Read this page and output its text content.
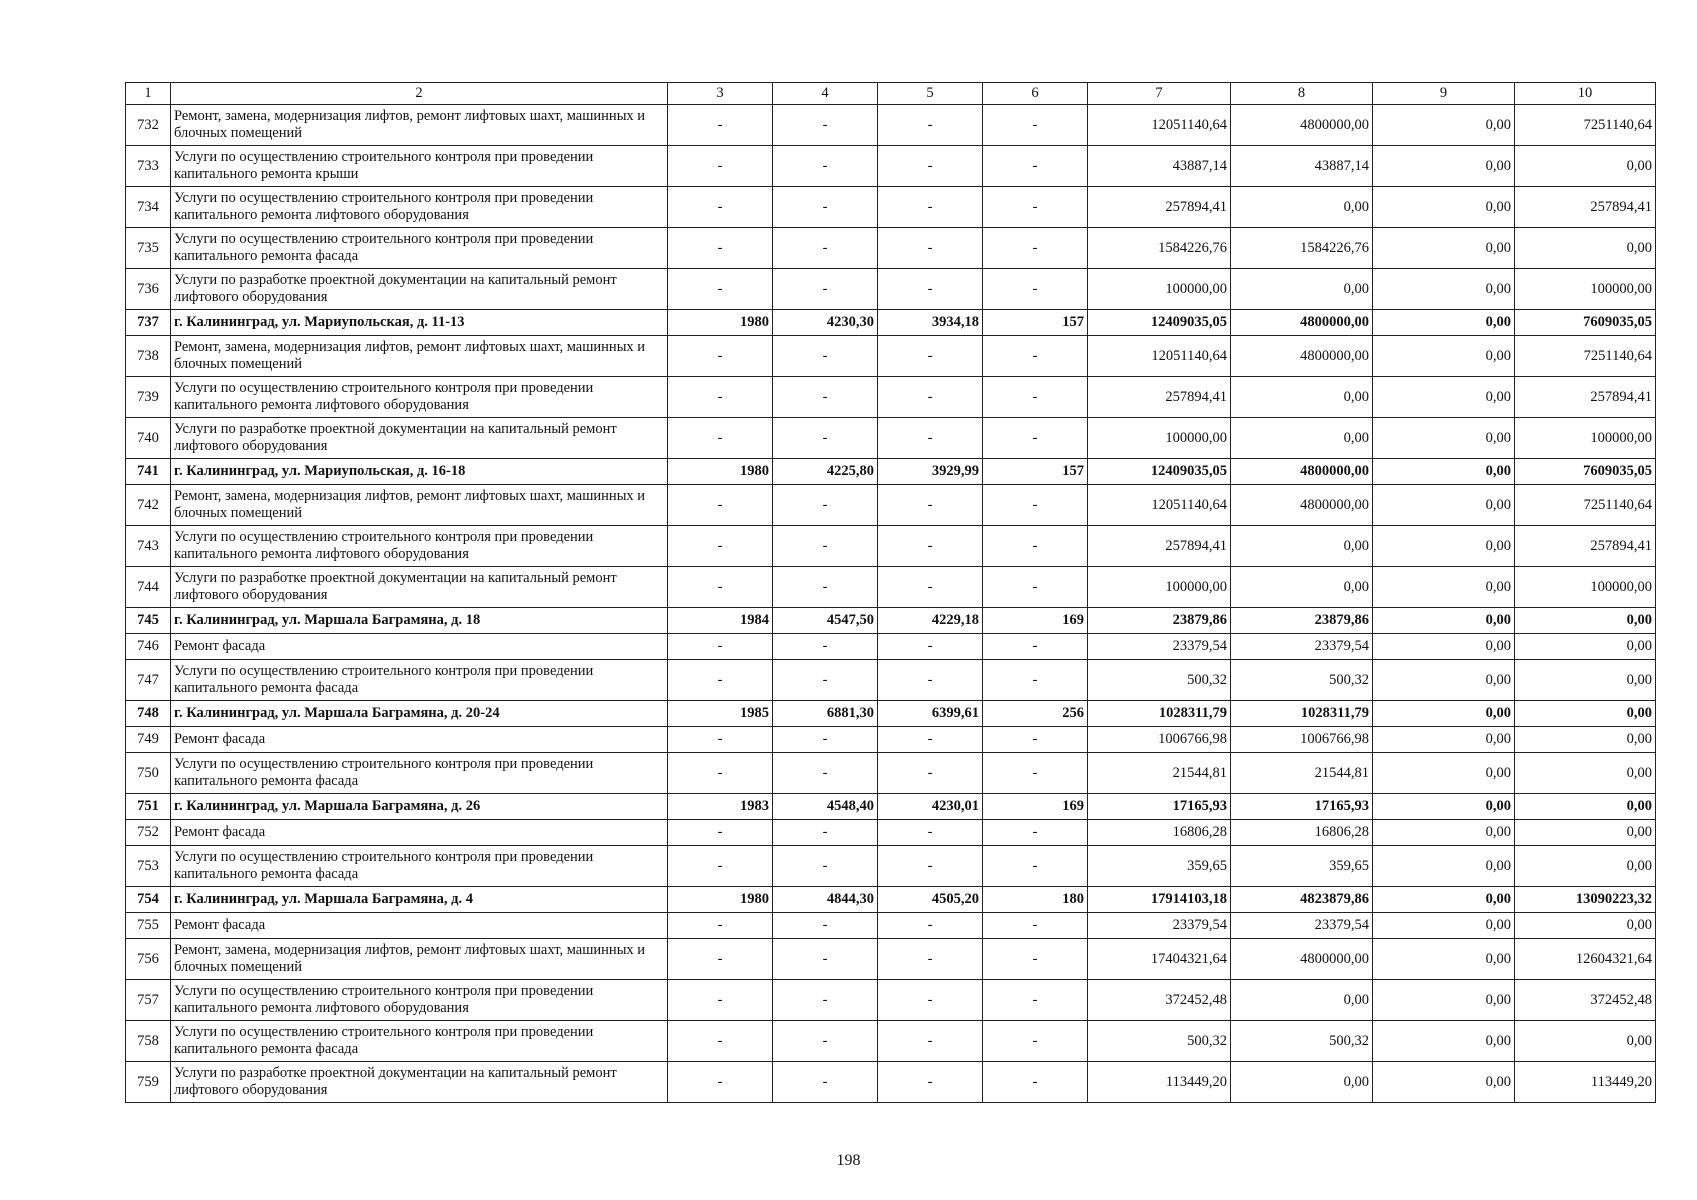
1	2	3	4	5	6	7	8	9	10
732	Ремонт, замена, модернизация лифтов, ремонт лифтовых шахт, машинных и блочных помещений	-	-	-	-	12051140,64	4800000,00	0,00	7251140,64
733	Услуги по осуществлению строительного контроля при проведении капитального ремонта крыши	-	-	-	-	43887,14	43887,14	0,00	0,00
734	Услуги по осуществлению строительного контроля при проведении капитального ремонта лифтового оборудования	-	-	-	-	257894,41	0,00	0,00	257894,41
735	Услуги по осуществлению строительного контроля при проведении капитального ремонта фасада	-	-	-	-	1584226,76	1584226,76	0,00	0,00
736	Услуги по разработке проектной документации на капитальный ремонт лифтового оборудования	-	-	-	-	100000,00	0,00	0,00	100000,00
737	г. Калининград, ул. Мариупольская, д. 11-13	1980	4230,30	3934,18	157	12409035,05	4800000,00	0,00	7609035,05
738	Ремонт, замена, модернизация лифтов, ремонт лифтовых шахт, машинных и блочных помещений	-	-	-	-	12051140,64	4800000,00	0,00	7251140,64
739	Услуги по осуществлению строительного контроля при проведении капитального ремонта лифтового оборудования	-	-	-	-	257894,41	0,00	0,00	257894,41
740	Услуги по разработке проектной документации на капитальный ремонт лифтового оборудования	-	-	-	-	100000,00	0,00	0,00	100000,00
741	г. Калининград, ул. Мариупольская, д. 16-18	1980	4225,80	3929,99	157	12409035,05	4800000,00	0,00	7609035,05
742	Ремонт, замена, модернизация лифтов, ремонт лифтовых шахт, машинных и блочных помещений	-	-	-	-	12051140,64	4800000,00	0,00	7251140,64
743	Услуги по осуществлению строительного контроля при проведении капитального ремонта лифтового оборудования	-	-	-	-	257894,41	0,00	0,00	257894,41
744	Услуги по разработке проектной документации на капитальный ремонт лифтового оборудования	-	-	-	-	100000,00	0,00	0,00	100000,00
745	г. Калининград, ул. Маршала Баграмяна, д. 18	1984	4547,50	4229,18	169	23879,86	23879,86	0,00	0,00
746	Ремонт фасада	-	-	-	-	23379,54	23379,54	0,00	0,00
747	Услуги по осуществлению строительного контроля при проведении капитального ремонта фасада	-	-	-	-	500,32	500,32	0,00	0,00
748	г. Калининград, ул. Маршала Баграмяна, д. 20-24	1985	6881,30	6399,61	256	1028311,79	1028311,79	0,00	0,00
749	Ремонт фасада	-	-	-	-	1006766,98	1006766,98	0,00	0,00
750	Услуги по осуществлению строительного контроля при проведении капитального ремонта фасада	-	-	-	-	21544,81	21544,81	0,00	0,00
751	г. Калининград, ул. Маршала Баграмяна, д. 26	1983	4548,40	4230,01	169	17165,93	17165,93	0,00	0,00
752	Ремонт фасада	-	-	-	-	16806,28	16806,28	0,00	0,00
753	Услуги по осуществлению строительного контроля при проведении капитального ремонта фасада	-	-	-	-	359,65	359,65	0,00	0,00
754	г. Калининград, ул. Маршала Баграмяна, д. 4	1980	4844,30	4505,20	180	17914103,18	4823879,86	0,00	13090223,32
755	Ремонт фасада	-	-	-	-	23379,54	23379,54	0,00	0,00
756	Ремонт, замена, модернизация лифтов, ремонт лифтовых шахт, машинных и блочных помещений	-	-	-	-	17404321,64	4800000,00	0,00	12604321,64
757	Услуги по осуществлению строительного контроля при проведении капитального ремонта лифтового оборудования	-	-	-	-	372452,48	0,00	0,00	372452,48
758	Услуги по осуществлению строительного контроля при проведении капитального ремонта фасада	-	-	-	-	500,32	500,32	0,00	0,00
759	Услуги по разработке проектной документации на капитальный ремонт лифтового оборудования	-	-	-	-	113449,20	0,00	0,00	113449,20
198
